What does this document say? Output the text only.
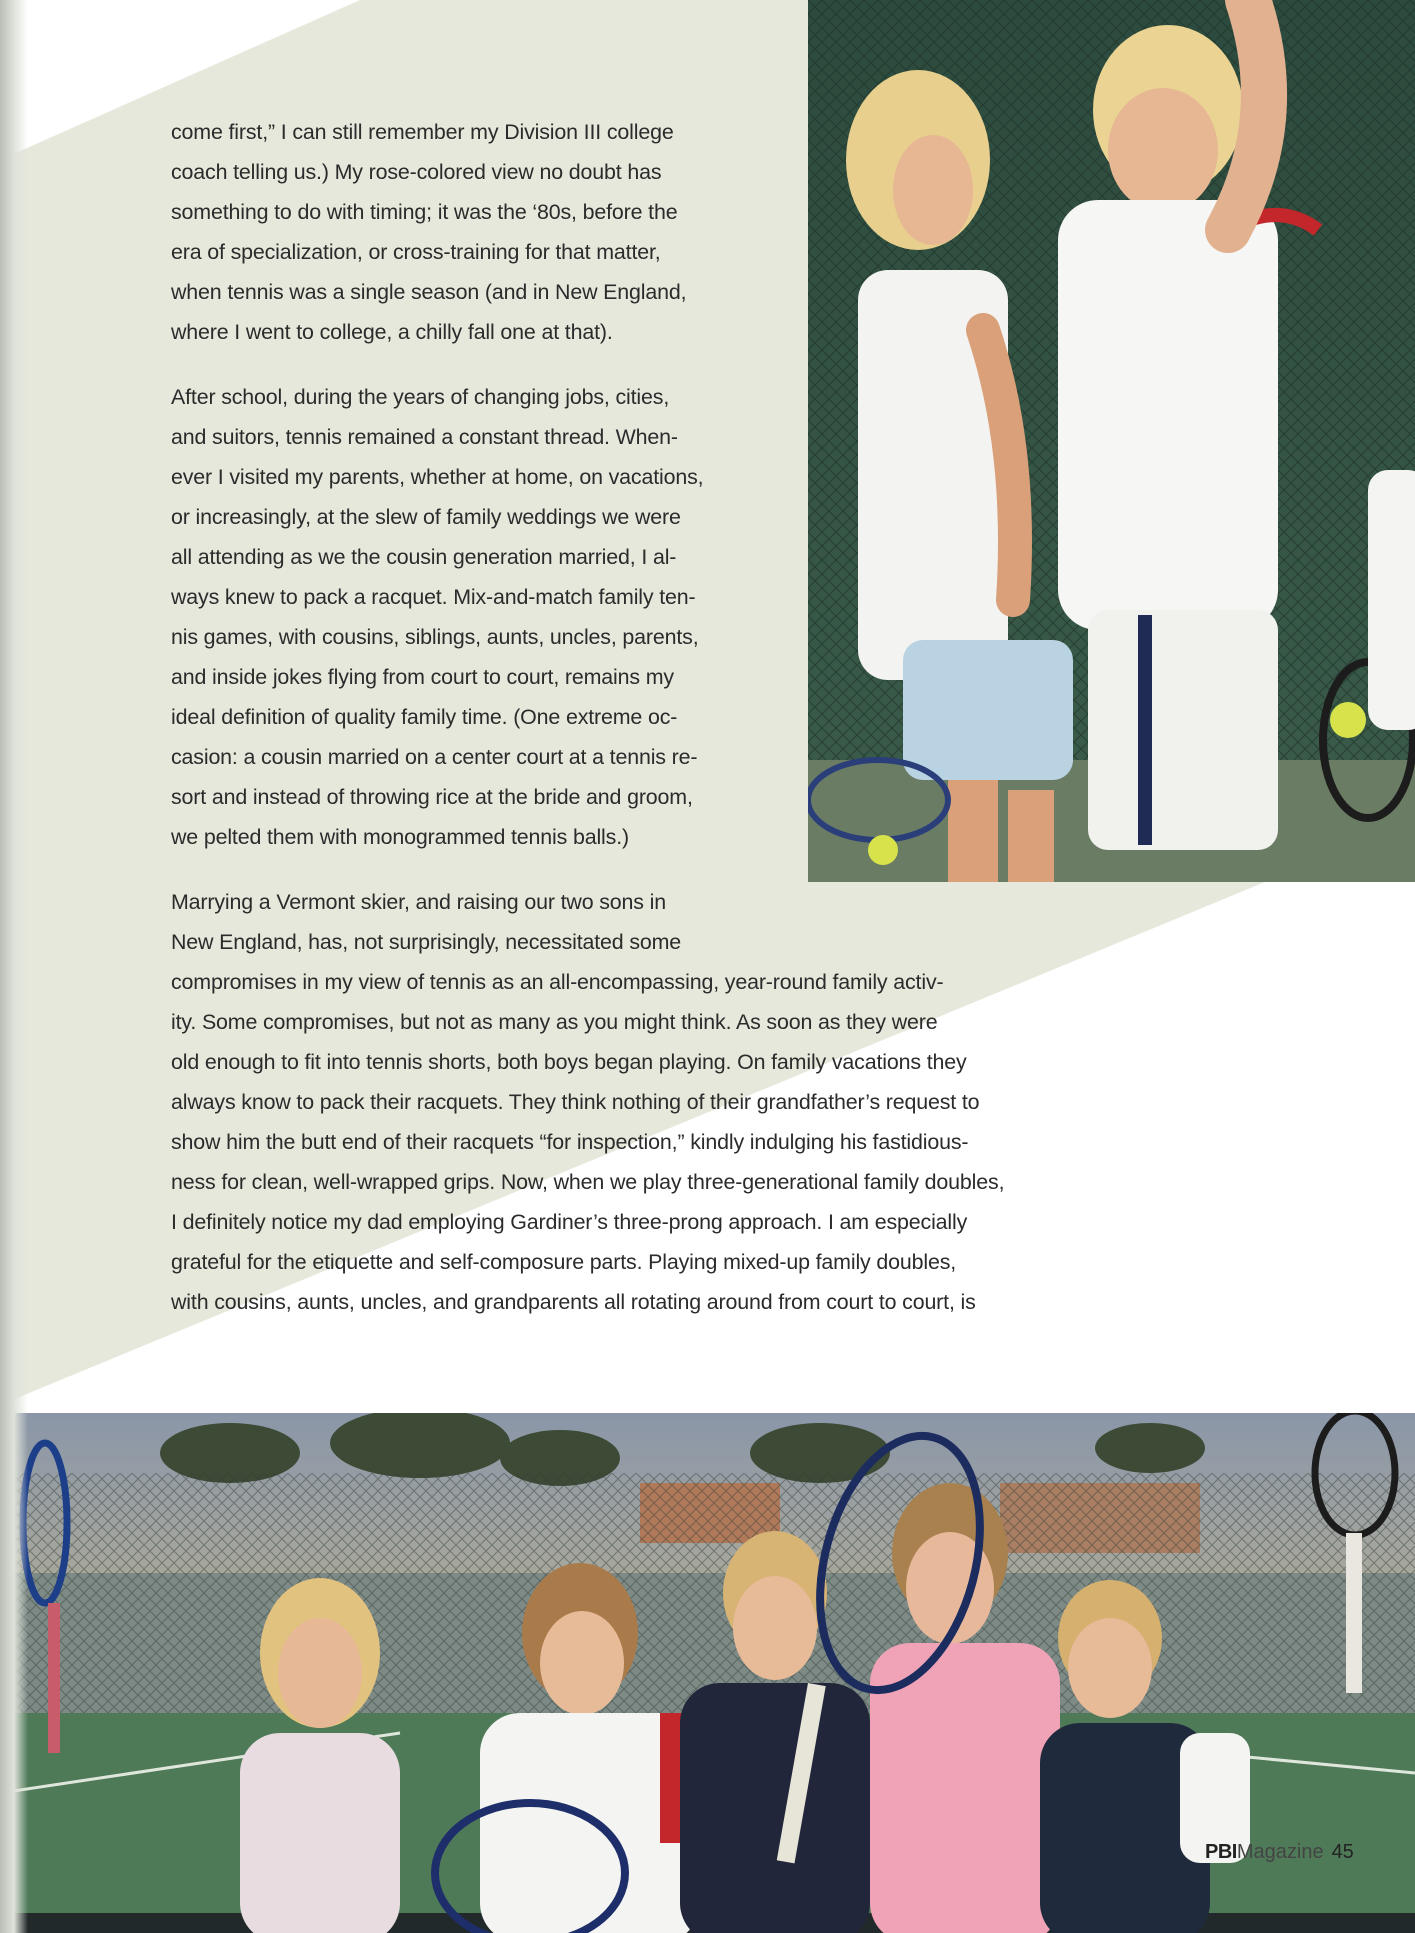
come first,” I can still remember my Division III college
coach telling us.) My rose-colored view no doubt has
something to do with timing; it was the ‘80s, before the
era of specialization, or cross-training for that matter,
when tennis was a single season (and in New England,
where I went to college, a chilly fall one at that).
After school, during the years of changing jobs, cities,
and suitors, tennis remained a constant thread. When-
ever I visited my parents, whether at home, on vacations,
or increasingly, at the slew of family weddings we were
all attending as we the cousin generation married, I al-
ways knew to pack a racquet. Mix-and-match family ten-
nis games, with cousins, siblings, aunts, uncles, parents,
and inside jokes flying from court to court, remains my
ideal definition of quality family time. (One extreme oc-
casion: a cousin married on a center court at a tennis re-
sort and instead of throwing rice at the bride and groom,
we pelted them with monogrammed tennis balls.)
Marrying a Vermont skier, and raising our two sons in
New England, has, not surprisingly, necessitated some
compromises in my view of tennis as an all-encompassing, year-round family activ-
ity. Some compromises, but not as many as you might think. As soon as they were
old enough to fit into tennis shorts, both boys began playing. On family vacations they
always know to pack their racquets. They think nothing of their grandfather’s request to
show him the butt end of their racquets “for inspection,” kindly indulging his fastidious-
ness for clean, well-wrapped grips. Now, when we play three-generational family doubles,
I definitely notice my dad employing Gardiner’s three-prong approach. I am especially
grateful for the etiquette and self-composure parts. Playing mixed-up family doubles,
with cousins, aunts, uncles, and grandparents all rotating around from court to court, is
PBIMagazine 45
